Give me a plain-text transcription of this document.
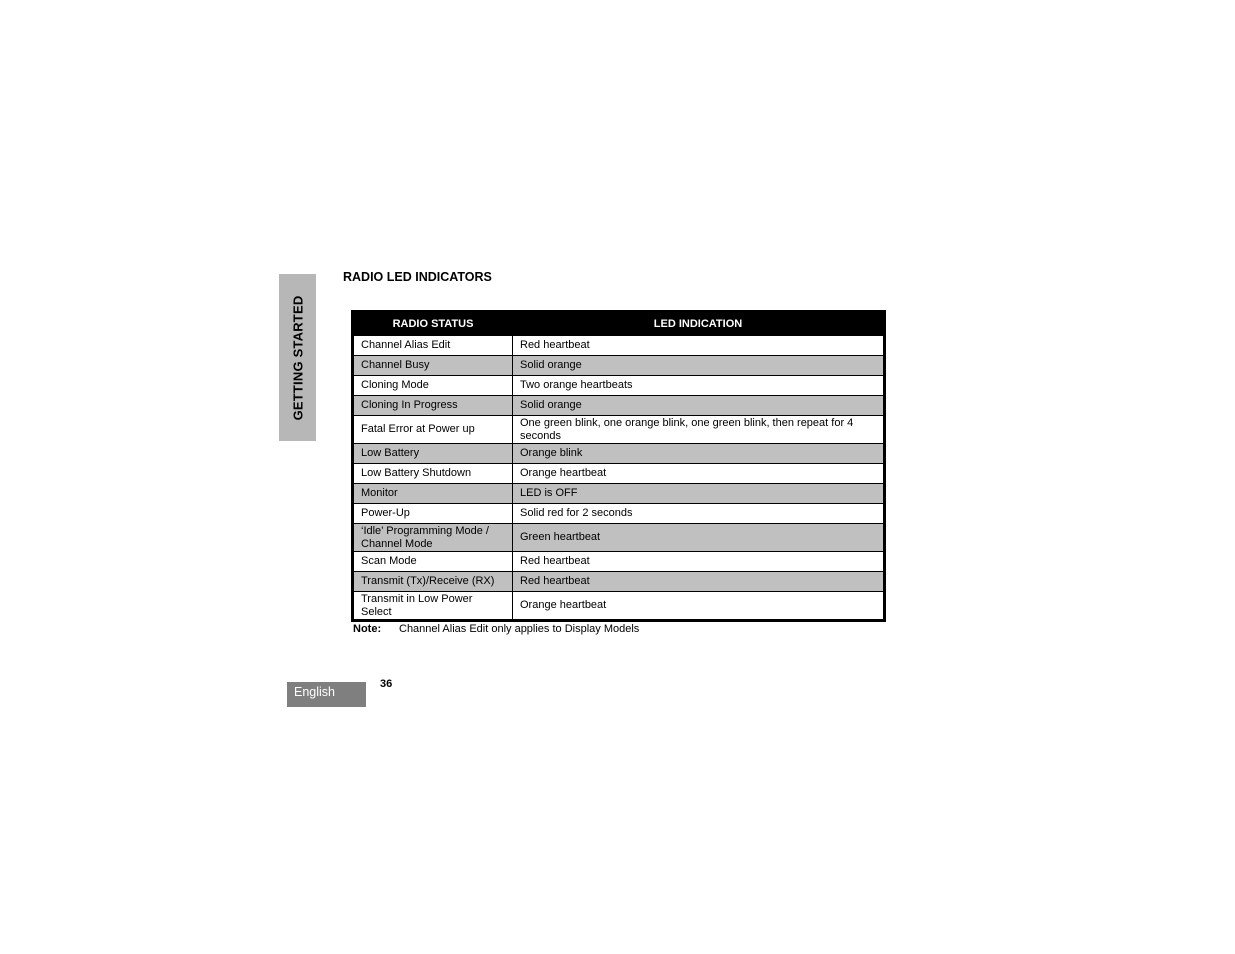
GETTING STARTED
RADIO LED INDICATORS
RADIO STATUS	LED INDICATION
Channel Alias Edit	Red heartbeat
Channel Busy	Solid orange
Cloning Mode	Two orange heartbeats
Cloning In Progress	Solid orange
Fatal Error at Power up	One green blink, one orange blink, one green blink, then repeat for 4 seconds
Low Battery	Orange blink
Low Battery Shutdown	Orange heartbeat
Monitor	LED is OFF
Power-Up	Solid red for 2 seconds
‘Idle’ Programming Mode / Channel Mode	Green heartbeat
Scan Mode	Red heartbeat
Transmit (Tx)/Receive (RX)	Red heartbeat
Transmit in Low Power Select	Orange heartbeat
Note: Channel Alias Edit only applies to Display Models
English
36
